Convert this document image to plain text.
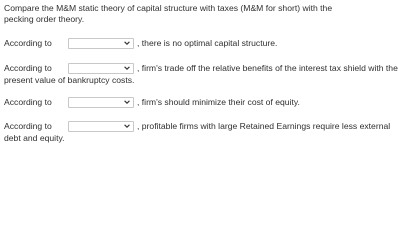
Compare the M&M static theory of capital structure with taxes (M&M for short) with the pecking order theory.
According to	, there is no optimal capital structure.
According to	, firm's trade off the relative benefits of the interest tax shield with the
present value of bankruptcy costs.
According to	, firm's should minimize their cost of equity.
According to	, profitable firms with large Retained Earnings require less external
debt and equity.
